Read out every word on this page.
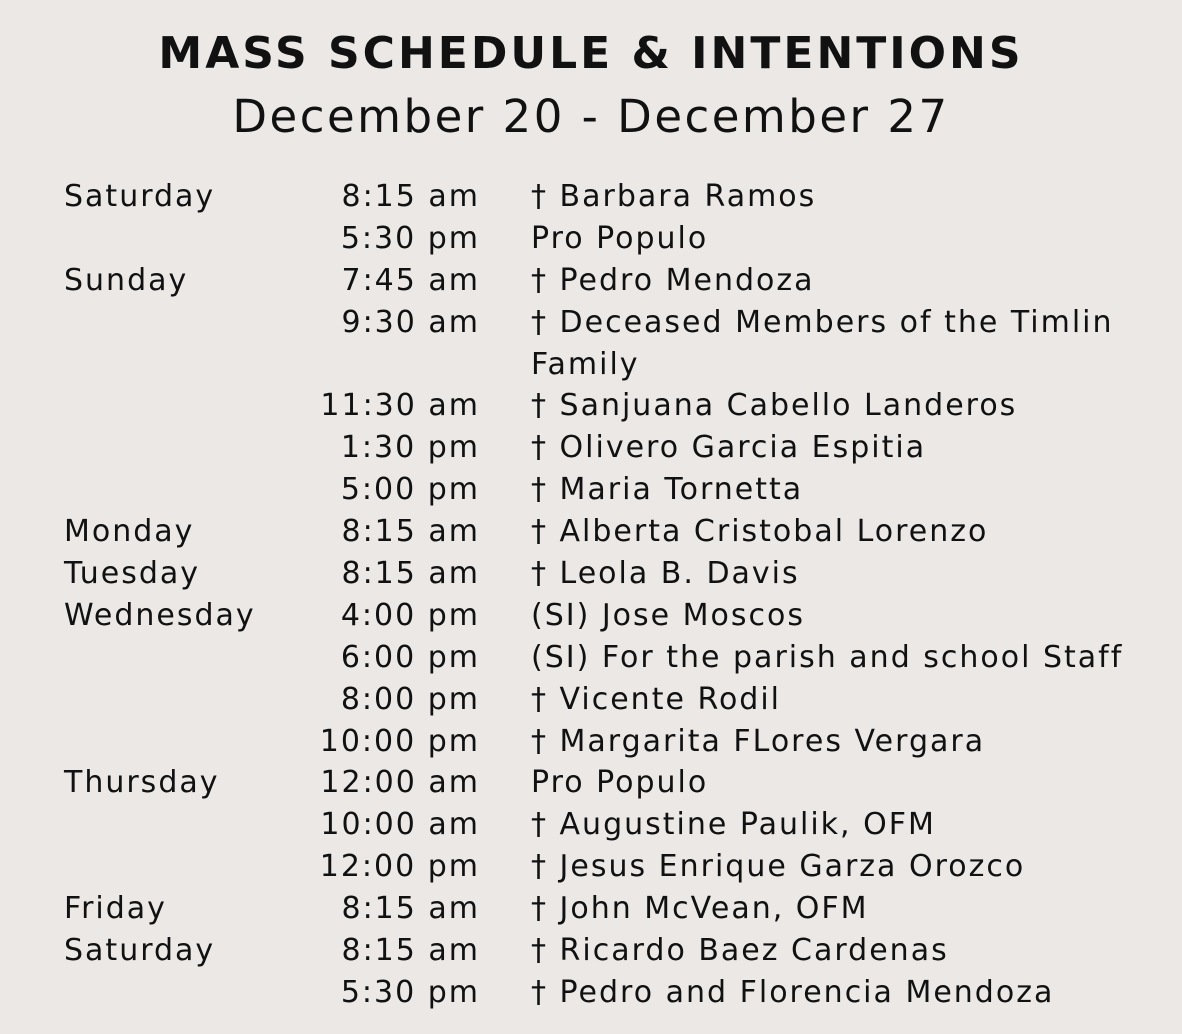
MASS SCHEDULE & INTENTIONS
December 20 - December 27
Saturday	8:15 am † Barbara Ramos
5:30 pm Pro Populo
Sunday	7:45 am † Pedro Mendoza
9:30 am † Deceased Members of the Timlin Family
11:30 am † Sanjuana Cabello Landeros
1:30 pm † Olivero Garcia Espitia
5:00 pm † Maria Tornetta
Monday	8:15 am † Alberta Cristobal Lorenzo
Tuesday	8:15 am † Leola B. Davis
Wednesday	4:00 pm (SI) Jose Moscos
6:00 pm (SI) For the parish and school Staff
8:00 pm † Vicente Rodil
10:00 pm † Margarita FLores Vergara
Thursday	12:00 am Pro Populo
10:00 am † Augustine Paulik, OFM
12:00 pm † Jesus Enrique Garza Orozco
Friday	8:15 am † John McVean, OFM
Saturday	8:15 am † Ricardo Baez Cardenas
5:30 pm † Pedro and Florencia Mendoza
